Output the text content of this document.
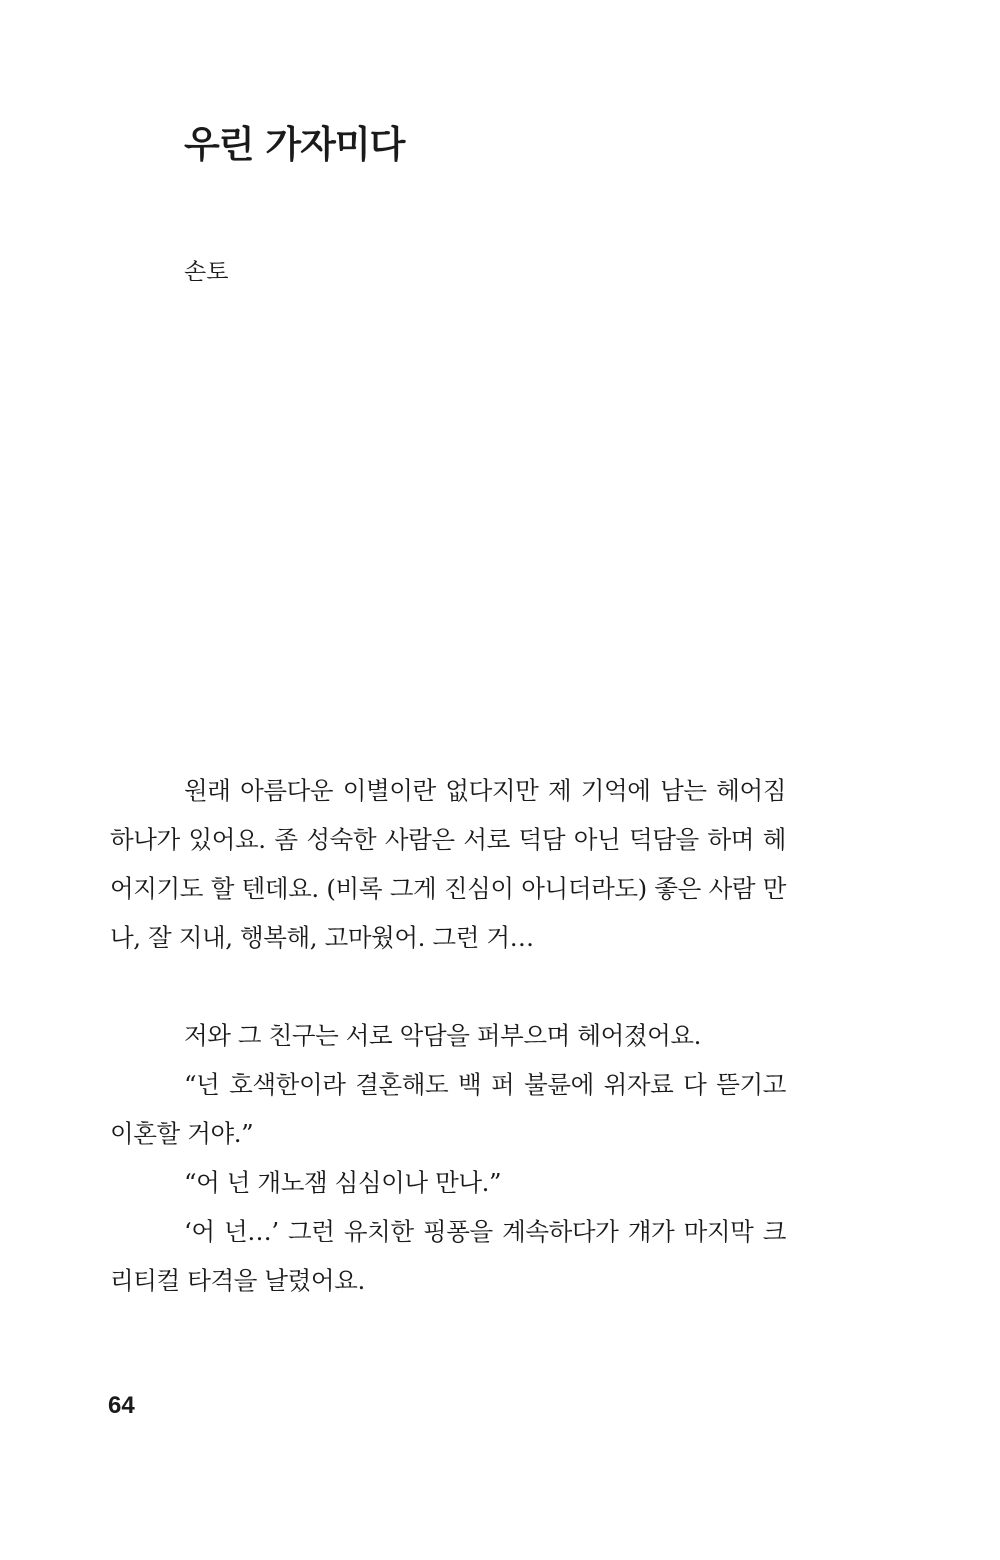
우린 가자미다
손토

원래 아름다운 이별이란 없다지만 제 기억에 남는 헤어짐 하나가 있어요. 좀 성숙한 사람은 서로 덕담 아닌 덕담을 하며 헤어지기도 할 텐데요. (비록 그게 진심이 아니더라도) 좋은 사람 만나, 잘 지내, 행복해, 고마웠어. 그런 거…

저와 그 친구는 서로 악담을 퍼부으며 헤어졌어요.

“넌 호색한이라 결혼해도 백 퍼 불륜에 위자료 다 뜯기고 이혼할 거야.”

“어 넌 개노잼 심심이나 만나.”

‘어 넌…’ 그런 유치한 핑퐁을 계속하다가 걔가 마지막 크리티컬 타격을 날렸어요.

64
